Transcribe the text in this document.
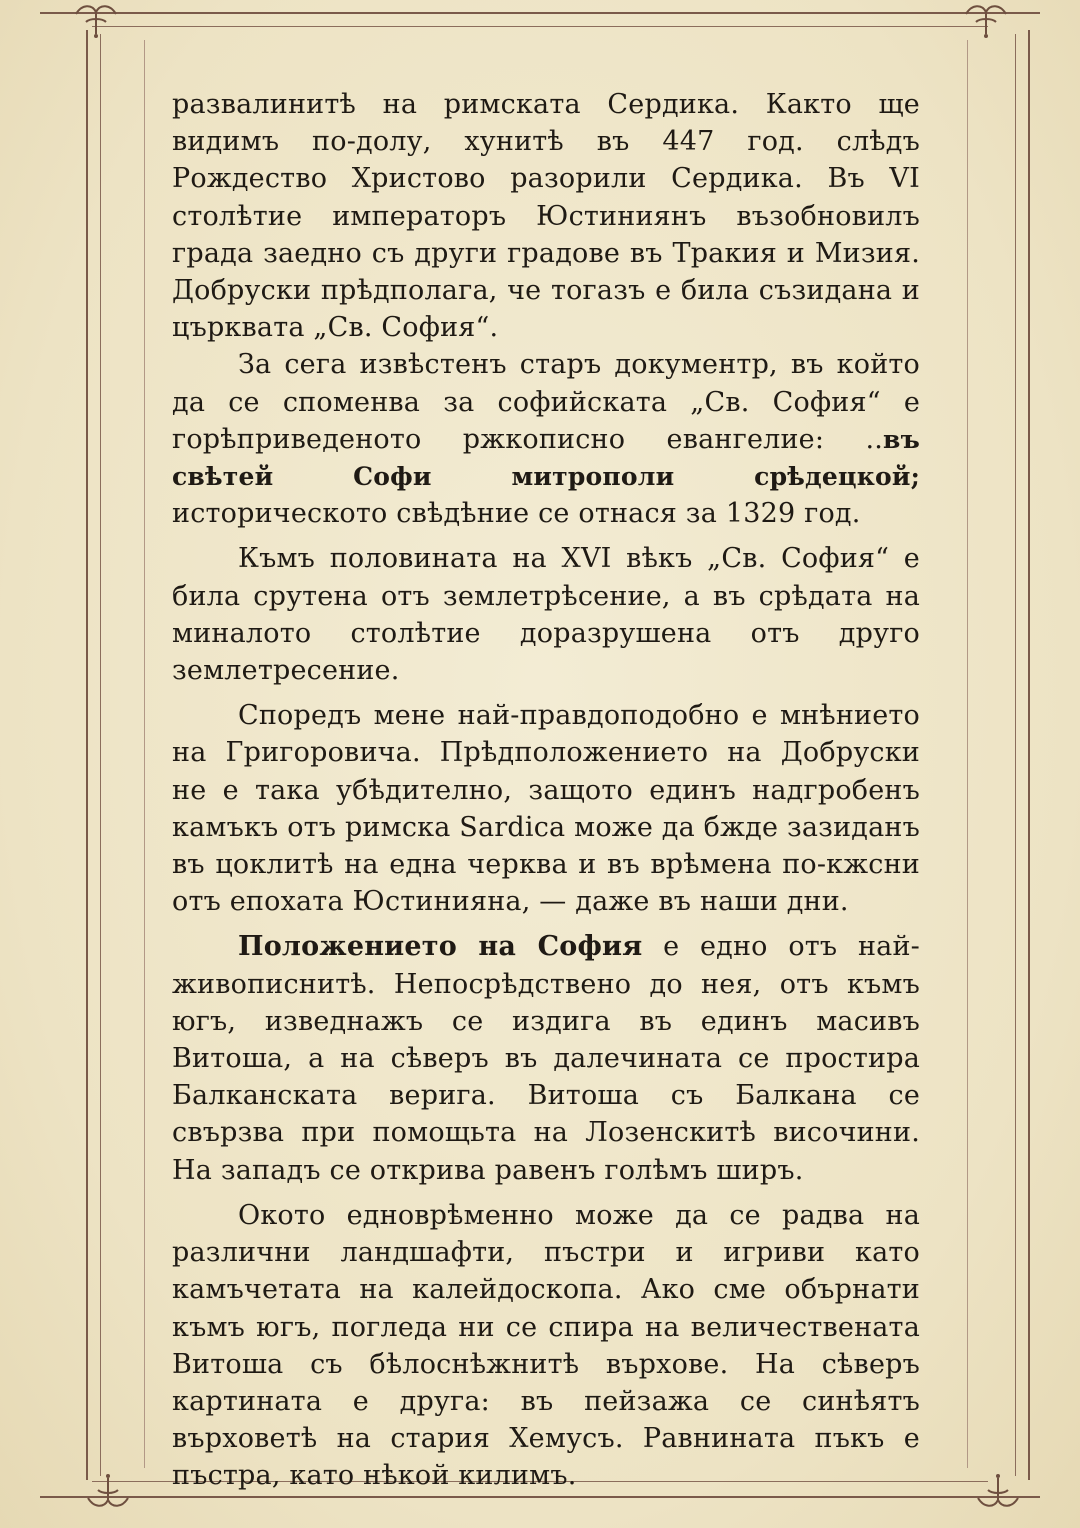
развалинитѣ на римската Сердика. Както ще видимъ по-долу, хунитѣ въ 447 год. слѣдъ Рождество Христово разорили Сердика. Въ VI столѣтие императоръ Юстиниянъ възобновилъ града заедно съ други градове въ Тракия и Мизия. Добруски прѣдполага, че тогазъ е била съзидана и църквата „Св. София“.

За сега извѣстенъ старъ документр, въ който да се споменва за софийската „Св. София“ е горѣприведеното ржкописно евангелие: ..въ свѣтей Софи митрополи срѣдецкой; историческото свѣдѣние се отнася за 1329 год.

Къмъ половината на XVI вѣкъ „Св. София“ е била срутена отъ землетрѣсение, а въ срѣдата на миналото столѣтие доразрушена отъ друго землетресение.

Споредъ мене най-правдоподобно е мнѣнието на Григоровича. Прѣдположението на Добруски не е така убѣдително, защото единъ надгробенъ камъкъ отъ римска Sardica може да бжде зазиданъ въ цоклитѣ на една черква и въ врѣмена по-кжсни отъ епохата Юстинияна, — даже въ наши дни.

Положението на София е едно отъ най-живописнитѣ. Непосрѣдствено до нея, отъ къмъ югъ, изведнажъ се издига въ единъ масивъ Витоша, а на сѣверъ въ далечината се простира Балканската верига. Витоша съ Балкана се свързва при помощьта на Лозенскитѣ височини. На западъ се открива равенъ голѣмъ ширъ.

Окото едноврѣменно може да се радва на различни ландшафти, пъстри и игриви като камъчетата на калейдоскопа. Ако сме обърнати къмъ югъ, погледа ни се спира на величествената Витоша съ бѣлоснѣжнитѣ върхове. На сѣверъ картината е друга: въ пейзажа се синѣятъ върховетѣ на стария Хемусъ. Равнината пъкъ е пъстра, като нѣкой килимъ.
